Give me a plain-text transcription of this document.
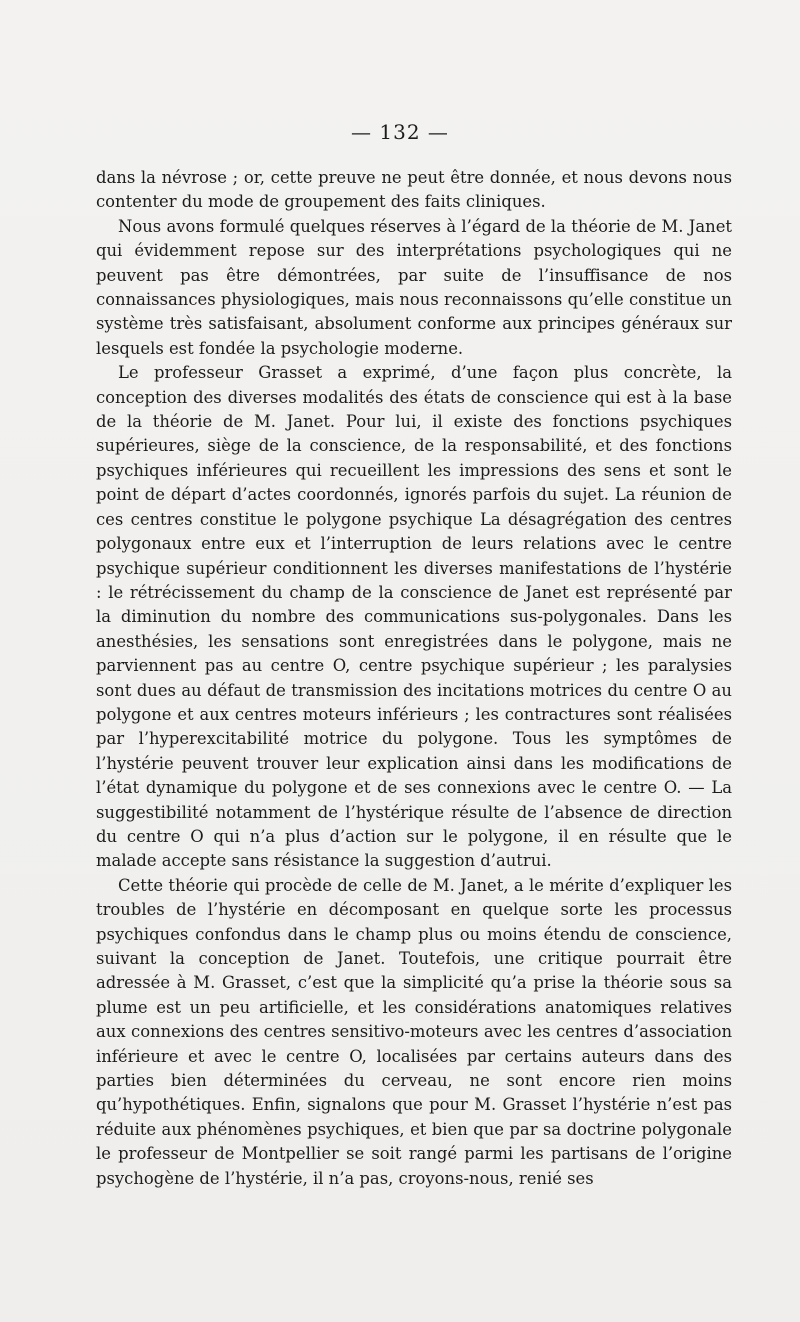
— 132 —

dans la névrose ; or, cette preuve ne peut être donnée, et nous devons nous contenter du mode de groupement des faits cliniques.

Nous avons formulé quelques réserves à l’égard de la théorie de M. Janet qui évidemment repose sur des interprétations psychologiques qui ne peuvent pas être démontrées, par suite de l’insuffisance de nos connaissances physiologiques, mais nous reconnaissons qu’elle constitue un système très satisfaisant, absolument conforme aux principes généraux sur lesquels est fondée la psychologie moderne.

Le professeur Grasset a exprimé, d’une façon plus concrète, la conception des diverses modalités des états de conscience qui est à la base de la théorie de M. Janet. Pour lui, il existe des fonctions psychiques supérieures, siège de la conscience, de la responsabilité, et des fonctions psychiques inférieures qui recueillent les impressions des sens et sont le point de départ d’actes coordonnés, ignorés parfois du sujet. La réunion de ces centres constitue le polygone psychique La désagrégation des centres polygonaux entre eux et l’interruption de leurs relations avec le centre psychique supérieur conditionnent les diverses manifestations de l’hystérie : le rétrécissement du champ de la conscience de Janet est représenté par la diminution du nombre des communications sus-polygonales. Dans les anesthésies, les sensations sont enregistrées dans le polygone, mais ne parviennent pas au centre O, centre psychique supérieur ; les paralysies sont dues au défaut de transmission des incitations motrices du centre O au polygone et aux centres moteurs inférieurs ; les contractures sont réalisées par l’hyperexcitabilité motrice du polygone. Tous les symptômes de l’hystérie peuvent trouver leur explication ainsi dans les modifications de l’état dynamique du polygone et de ses connexions avec le centre O. — La suggestibilité notamment de l’hystérique résulte de l’absence de direction du centre O qui n’a plus d’action sur le polygone, il en résulte que le malade accepte sans résistance la suggestion d’autrui.

Cette théorie qui procède de celle de M. Janet, a le mérite d’expliquer les troubles de l’hystérie en décomposant en quelque sorte les processus psychiques confondus dans le champ plus ou moins étendu de conscience, suivant la conception de Janet. Toutefois, une critique pourrait être adressée à M. Grasset, c’est que la simplicité qu’a prise la théorie sous sa plume est un peu artificielle, et les considérations anatomiques relatives aux connexions des centres sensitivo-moteurs avec les centres d’association inférieure et avec le centre O, localisées par certains auteurs dans des parties bien déterminées du cerveau, ne sont encore rien moins qu’hypothétiques. Enfin, signalons que pour M. Grasset l’hystérie n’est pas réduite aux phénomènes psychiques, et bien que par sa doctrine polygonale le professeur de Montpellier se soit rangé parmi les partisans de l’origine psychogène de l’hystérie, il n’a pas, croyons-nous, renié ses
